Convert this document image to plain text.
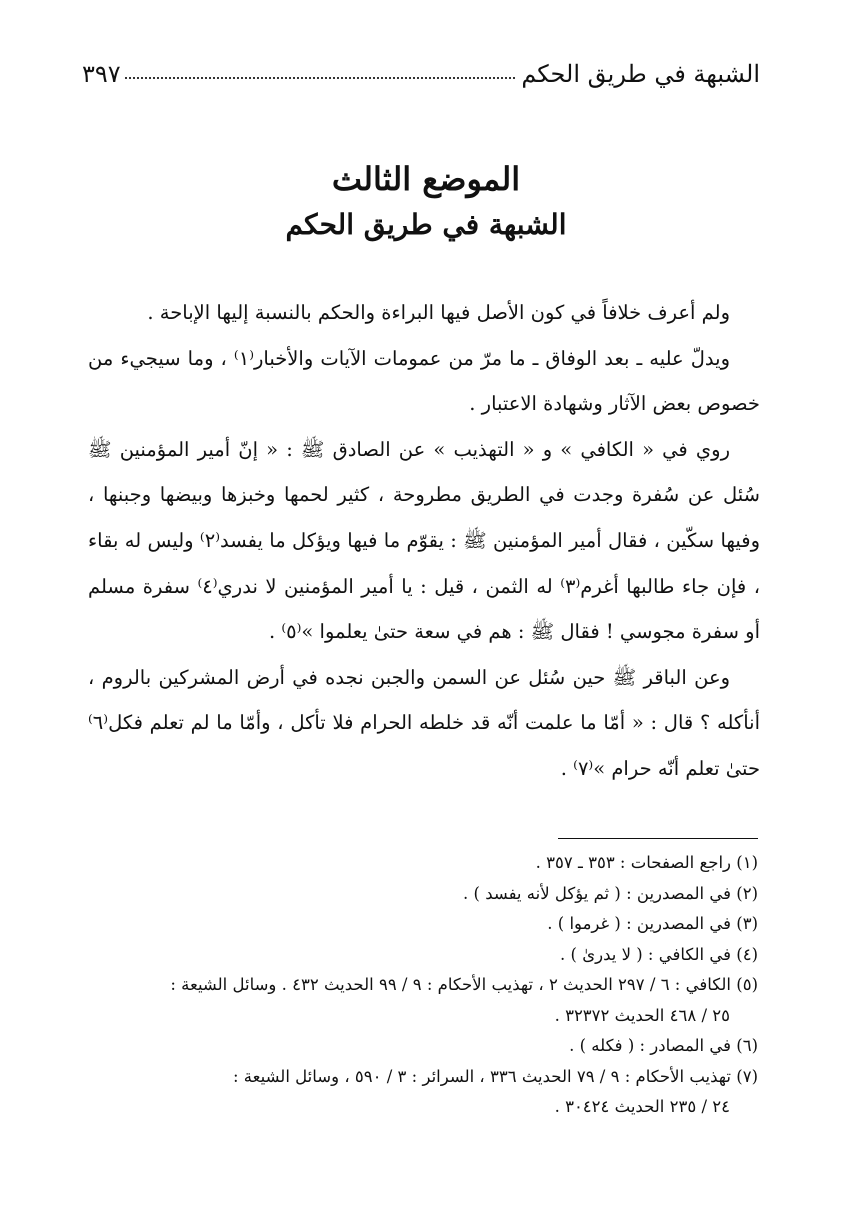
الشبهة في طريق الحكم
٣٩٧
الموضع الثالث
الشبهة في طريق الحكم

ولم أعرف خلافاً في كون الأصل فيها البراءة والحكم بالنسبة إليها الإباحة .

ويدلّ عليه ـ بعد الوفاق ـ ما مرّ من عمومات الآيات والأخبار⁽١⁾ ، وما سيجيء من خصوص بعض الآثار وشهادة الاعتبار .

روي في « الكافي » و « التهذيب » عن الصادق ﷺ : « إنّ أمير المؤمنين ﷺ سُئل عن سُفرة وجدت في الطريق مطروحة ، كثير لحمها وخبزها وبيضها وجبنها ، وفيها سكّين ، فقال أمير المؤمنين ﷺ : يقوّم ما فيها ويؤكل ما يفسد⁽٢⁾ وليس له بقاء ، فإن جاء طالبها أغرم⁽٣⁾ له الثمن ، قيل : يا أمير المؤمنين لا ندري⁽٤⁾ سفرة مسلم أو سفرة مجوسي ! فقال ﷺ : هم في سعة حتىٰ يعلموا »⁽٥⁾ .

وعن الباقر ﷺ حين سُئل عن السمن والجبن نجده في أرض المشركين بالروم ، أنأكله ؟ قال : « أمّا ما علمت أنّه قد خلطه الحرام فلا تأكل ، وأمّا ما لم تعلم فكل⁽٦⁾ حتىٰ تعلم أنّه حرام »⁽٧⁾ .

(١) راجع الصفحات : ٣٥٣ ـ ٣٥٧ .

(٢) في المصدرين : ( ثم يؤكل لأنه يفسد ) .

(٣) في المصدرين : ( غرموا ) .

(٤) في الكافي : ( لا يدرىٰ ) .

(٥) الكافي : ٦ / ٢٩٧ الحديث ٢ ، تهذيب الأحكام : ٩ / ٩٩ الحديث ٤٣٢ . وسائل الشيعة :
٢٥ / ٤٦٨ الحديث ٣٢٣٧٢ .

(٦) في المصادر : ( فكله ) .

(٧) تهذيب الأحكام : ٩ / ٧٩ الحديث ٣٣٦ ، السرائر : ٣ / ٥٩٠ ، وسائل الشيعة :
٢٤ / ٢٣٥ الحديث ٣٠٤٢٤ .
